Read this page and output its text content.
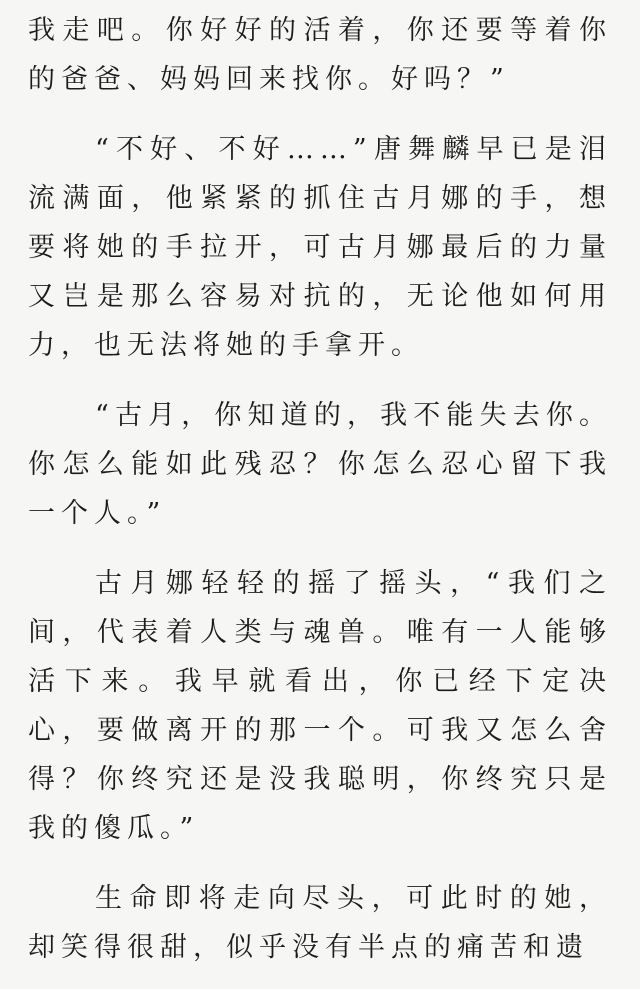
我走吧。你好好的活着，你还要等着你的爸爸、妈妈回来找你。好吗？”

“不好、不好……”唐舞麟早已是泪流满面，他紧紧的抓住古月娜的手，想要将她的手拉开，可古月娜最后的力量又岂是那么容易对抗的，无论他如何用力，也无法将她的手拿开。

“古月，你知道的，我不能失去你。你怎么能如此残忍？你怎么忍心留下我一个人。”

古月娜轻轻的摇了摇头，“我们之间，代表着人类与魂兽。唯有一人能够活下来。我早就看出，你已经下定决心，要做离开的那一个。可我又怎么舍得？你终究还是没我聪明，你终究只是我的傻瓜。”

生命即将走向尽头，可此时的她，却笑得很甜，似乎没有半点的痛苦和遗
